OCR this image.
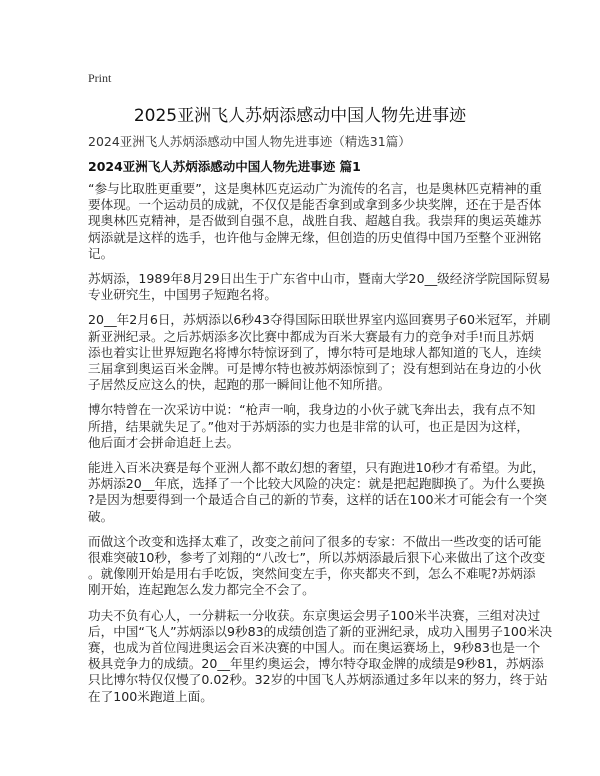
Print
2025亚洲飞人苏炳添感动中国人物先进事迹
2024亚洲飞人苏炳添感动中国人物先进事迹（精选31篇）
2024亚洲飞人苏炳添感动中国人物先进事迹 篇1

“参与比取胜更重要”，这是奥林匹克运动广为流传的名言，也是奥林匹克精神的重
要体现。一个运动员的成就，不仅仅是能否拿到或拿到多少块奖牌，还在于是否体
现奥林匹克精神，是否做到自强不息，战胜自我、超越自我。我崇拜的奥运英雄苏
炳添就是这样的选手，也许他与金牌无缘，但创造的历史值得中国乃至整个亚洲铭
记。

苏炳添，1989年8月29日出生于广东省中山市，暨南大学20__级经济学院国际贸易
专业研究生，中国男子短跑名将。

20__年2月6日，苏炳添以6秒43夺得国际田联世界室内巡回赛男子60米冠军，并刷
新亚洲纪录。之后苏炳添多次比赛中都成为百米大赛最有力的竞争对手!而且苏炳
添也着实让世界短跑名将博尔特惊讶到了，博尔特可是地球人都知道的飞人，连续
三届拿到奥运百米金牌。可是博尔特也被苏炳添惊到了；没有想到站在身边的小伙
子居然反应这么的快，起跑的那一瞬间让他不知所措。

博尔特曾在一次采访中说：“枪声一响，我身边的小伙子就飞奔出去，我有点不知
所措，结果就失足了。”他对于苏炳添的实力也是非常的认可，也正是因为这样，
他后面才会拼命追赶上去。

能进入百米决赛是每个亚洲人都不敢幻想的奢望，只有跑进10秒才有希望。为此，
苏炳添20__年底，选择了一个比较大风险的决定：就是把起跑脚换了。为什么要换
?是因为想要得到一个最适合自己的新的节奏，这样的话在100米才可能会有一个突
破。

而做这个改变和选择太难了，改变之前问了很多的专家：不做出一些改变的话可能
很难突破10秒，参考了刘翔的“八改七”，所以苏炳添最后狠下心来做出了这个改变
。就像刚开始是用右手吃饭，突然间变左手，你夹都夹不到，怎么不难呢?苏炳添
刚开始，连起跑怎么发力都完全不会了。

功夫不负有心人，一分耕耘一分收获。东京奥运会男子100米半决赛，三组对决过
后，中国“飞人”苏炳添以9秒83的成绩创造了新的亚洲纪录，成功入围男子100米决
赛，也成为首位闯进奥运会百米决赛的中国人。而在奥运赛场上，9秒83也是一个
极具竞争力的成绩。20__年里约奥运会，博尔特夺取金牌的成绩是9秒81，苏炳添
只比博尔特仅仅慢了0.02秒。32岁的中国飞人苏炳添通过多年以来的努力，终于站
在了100米跑道上面。
